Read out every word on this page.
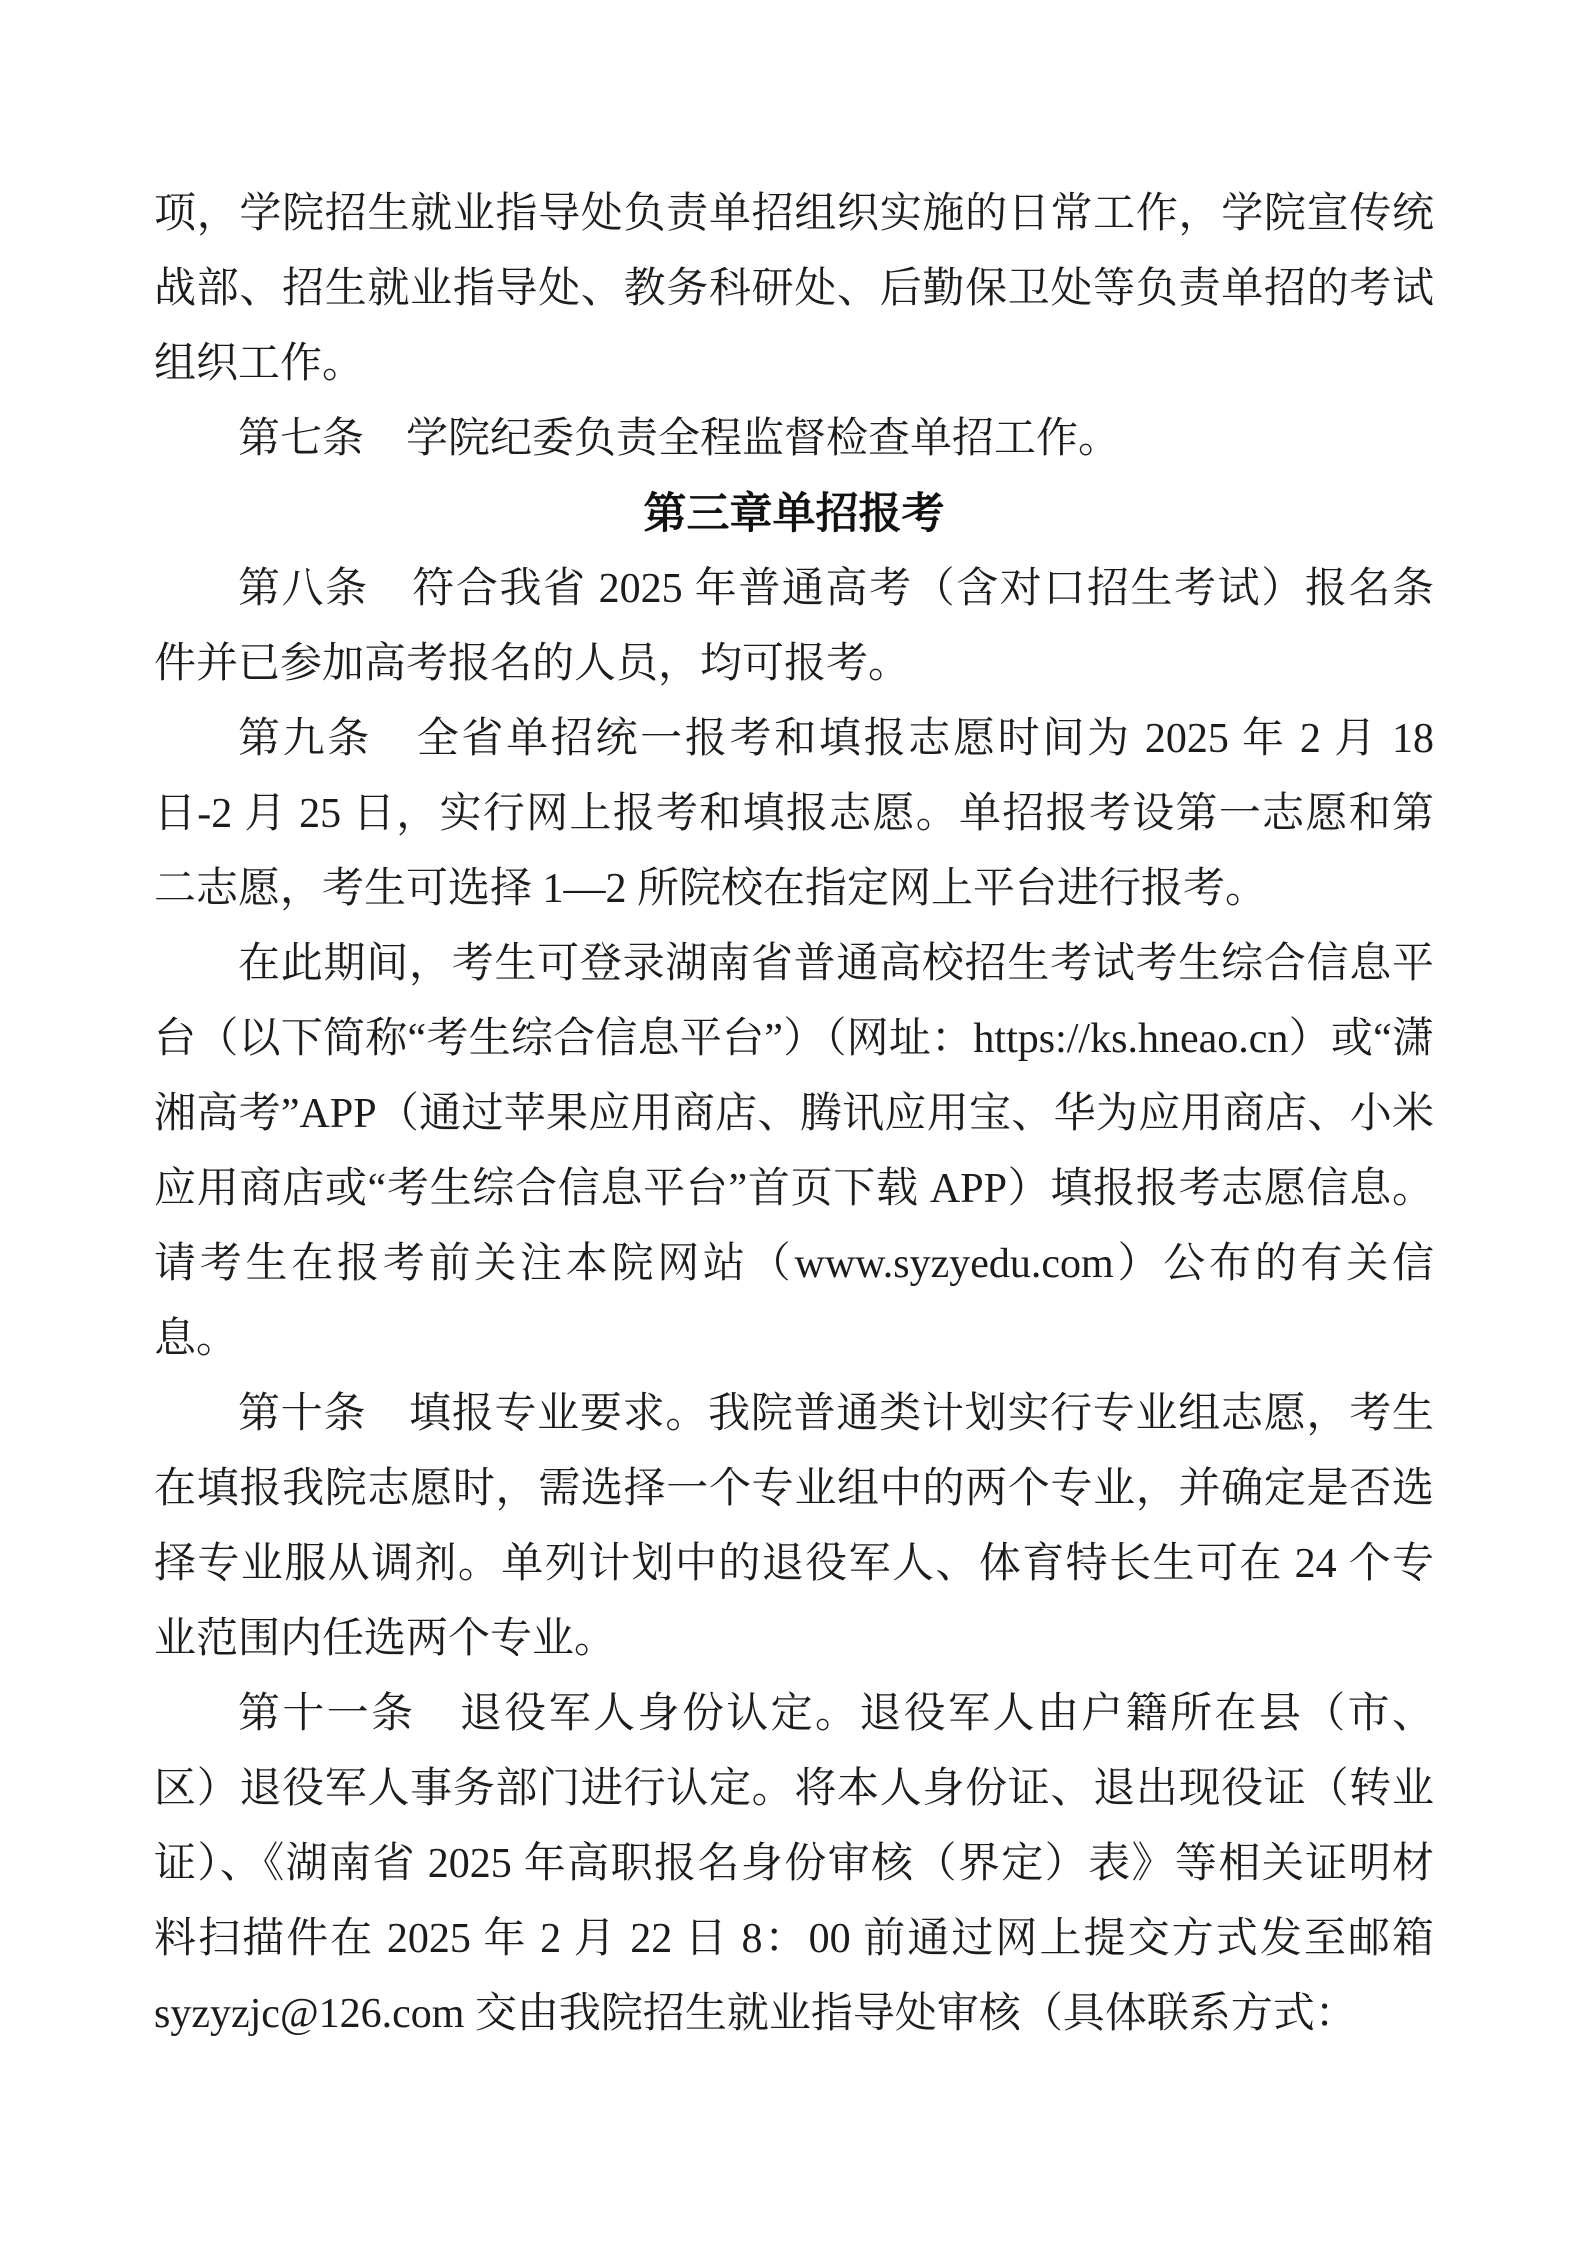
项，学院招生就业指导处负责单招组织实施的日常工作，学院宣传统战部、招生就业指导处、教务科研处、后勤保卫处等负责单招的考试组织工作。

第七条　学院纪委负责全程监督检查单招工作。

第三章单招报考

第八条　符合我省 2025 年普通高考（含对口招生考试）报名条件并已参加高考报名的人员，均可报考。

第九条　全省单招统一报考和填报志愿时间为 2025 年 2 月 18 日-2 月 25 日，实行网上报考和填报志愿。单招报考设第一志愿和第二志愿，考生可选择 1—2 所院校在指定网上平台进行报考。

在此期间，考生可登录湖南省普通高校招生考试考生综合信息平台（以下简称“考生综合信息平台”）（网址：https://ks.hneao.cn）或“潇湘高考”APP（通过苹果应用商店、腾讯应用宝、华为应用商店、小米应用商店或“考生综合信息平台”首页下载 APP）填报报考志愿信息。请考生在报考前关注本院网站（www.syzyedu.com）公布的有关信息。

第十条　填报专业要求。我院普通类计划实行专业组志愿，考生在填报我院志愿时，需选择一个专业组中的两个专业，并确定是否选择专业服从调剂。单列计划中的退役军人、体育特长生可在 24 个专业范围内任选两个专业。

第十一条　退役军人身份认定。退役军人由户籍所在县（市、区）退役军人事务部门进行认定。将本人身份证、退出现役证（转业证）、《湖南省 2025 年高职报名身份审核（界定）表》等相关证明材料扫描件在 2025 年 2 月 22 日 8：00 前通过网上提交方式发至邮箱 syzyzjc@126.com 交由我院招生就业指导处审核（具体联系方式：
